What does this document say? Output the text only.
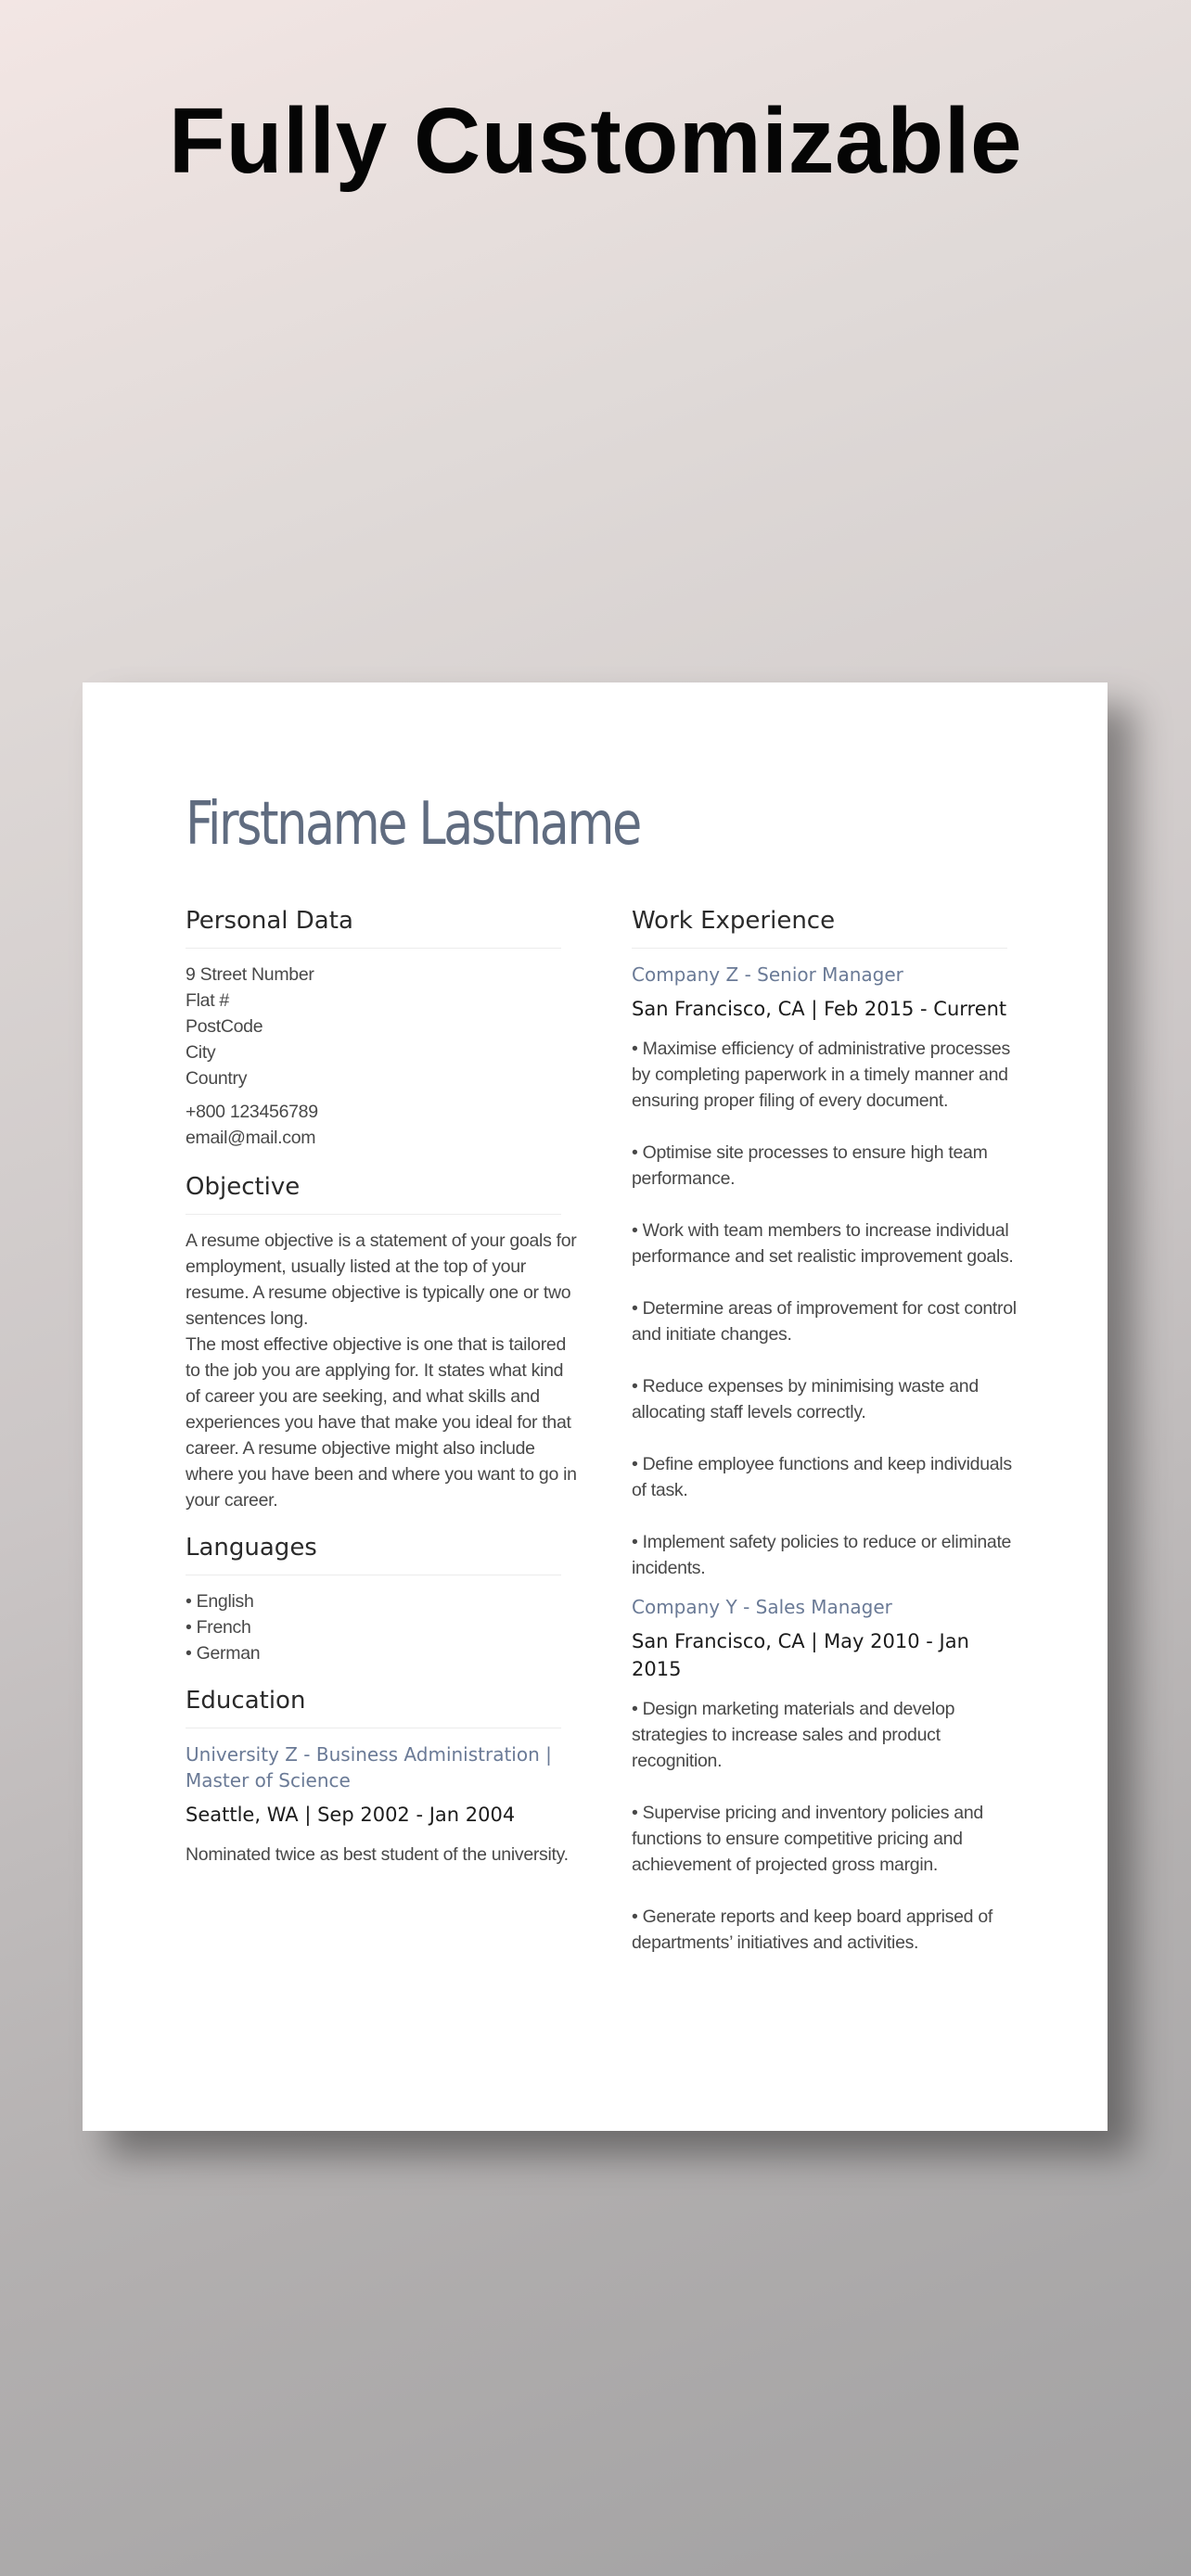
Fully Customizable
Firstname Lastname
Personal Data
9 Street Number
Flat #
PostCode
City
Country
+800 123456789
email@mail.com
Objective
A resume objective is a statement of your goals for
employment, usually listed at the top of your
resume. A resume objective is typically one or two
sentences long.
The most effective objective is one that is tailored
to the job you are applying for. It states what kind
of career you are seeking, and what skills and
experiences you have that make you ideal for that
career. A resume objective might also include
where you have been and where you want to go in
your career.
Languages
• English
• French
• German
Education
University Z - Business Administration |
Master of Science
Seattle, WA | Sep 2002 - Jan 2004
Nominated twice as best student of the university.
Work Experience
Company Z - Senior Manager
San Francisco, CA | Feb 2015 - Current
• Maximise efficiency of administrative processes
by completing paperwork in a timely manner and
ensuring proper filing of every document.
• Optimise site processes to ensure high team
performance.
• Work with team members to increase individual
performance and set realistic improvement goals.
• Determine areas of improvement for cost control
and initiate changes.
• Reduce expenses by minimising waste and
allocating staff levels correctly.
• Define employee functions and keep individuals
of task.
• Implement safety policies to reduce or eliminate
incidents.
Company Y - Sales Manager
San Francisco, CA | May 2010 - Jan 2015
• Design marketing materials and develop
strategies to increase sales and product
recognition.
• Supervise pricing and inventory policies and
functions to ensure competitive pricing and
achievement of projected gross margin.
• Generate reports and keep board apprised of
departments’ initiatives and activities.
